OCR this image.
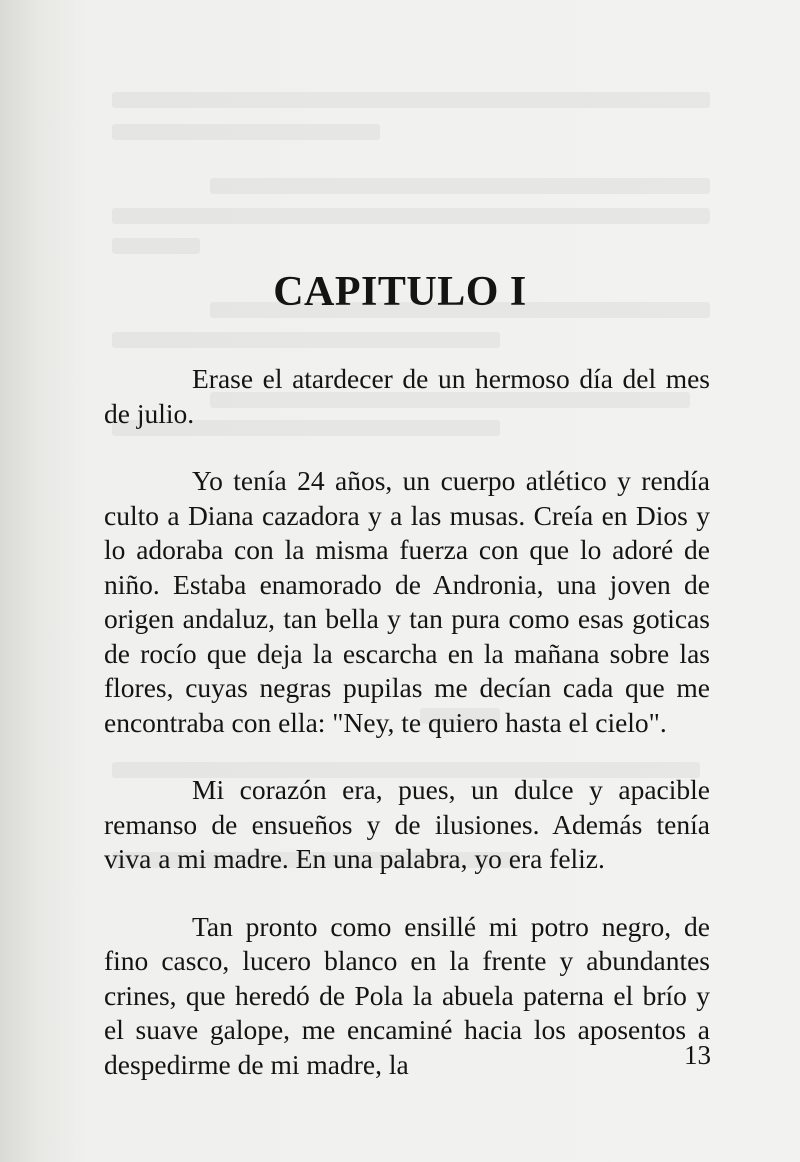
CAPITULO I

Erase el atardecer de un hermoso día del mes de julio.

Yo tenía 24 años, un cuerpo atlético y rendía culto a Diana cazadora y a las musas. Creía en Dios y lo adoraba con la misma fuerza con que lo adoré de niño. Estaba enamorado de Andronia, una joven de origen andaluz, tan bella y tan pura como esas goticas de rocío que deja la escarcha en la mañana sobre las flores, cuyas negras pupilas me decían cada que me encontraba con ella: "Ney, te quiero hasta el cielo".

Mi corazón era, pues, un dulce y apacible remanso de ensueños y de ilusiones. Además tenía viva a mi madre. En una palabra, yo era feliz.

Tan pronto como ensillé mi potro negro, de fino casco, lucero blanco en la frente y abundantes crines, que heredó de Pola la abuela paterna el brío y el suave galope, me encaminé hacia los aposentos a despedirme de mi madre, la	13
